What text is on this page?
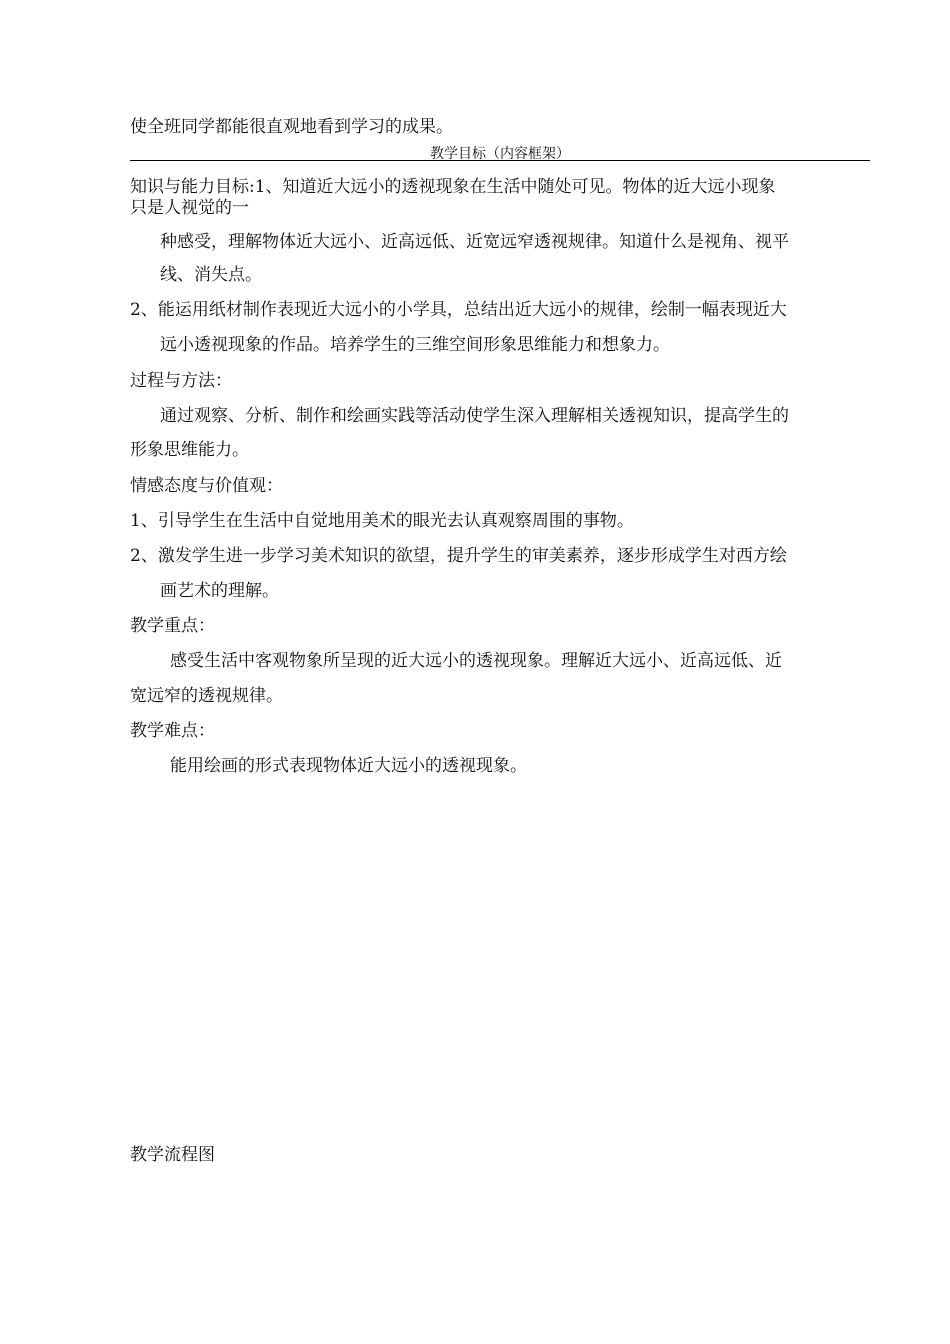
使全班同学都能很直观地看到学习的成果。
教学目标（内容框架）
知识与能力目标:1、知道近大远小的透视现象在生活中随处可见。物体的近大远小现象
只是人视觉的一
种感受，理解物体近大远小、近高远低、近宽远窄透视规律。知道什么是视角、视平
线、消失点。
2、能运用纸材制作表现近大远小的小学具，总结出近大远小的规律，绘制一幅表现近大
远小透视现象的作品。培养学生的三维空间形象思维能力和想象力。
过程与方法：
通过观察、分析、制作和绘画实践等活动使学生深入理解相关透视知识，提高学生的
形象思维能力。
情感态度与价值观：
1、引导学生在生活中自觉地用美术的眼光去认真观察周围的事物。
2、激发学生进一步学习美术知识的欲望，提升学生的审美素养，逐步形成学生对西方绘
画艺术的理解。
教学重点：
感受生活中客观物象所呈现的近大远小的透视现象。理解近大远小、近高远低、近
宽远窄的透视规律。
教学难点：
能用绘画的形式表现物体近大远小的透视现象。
教学流程图
